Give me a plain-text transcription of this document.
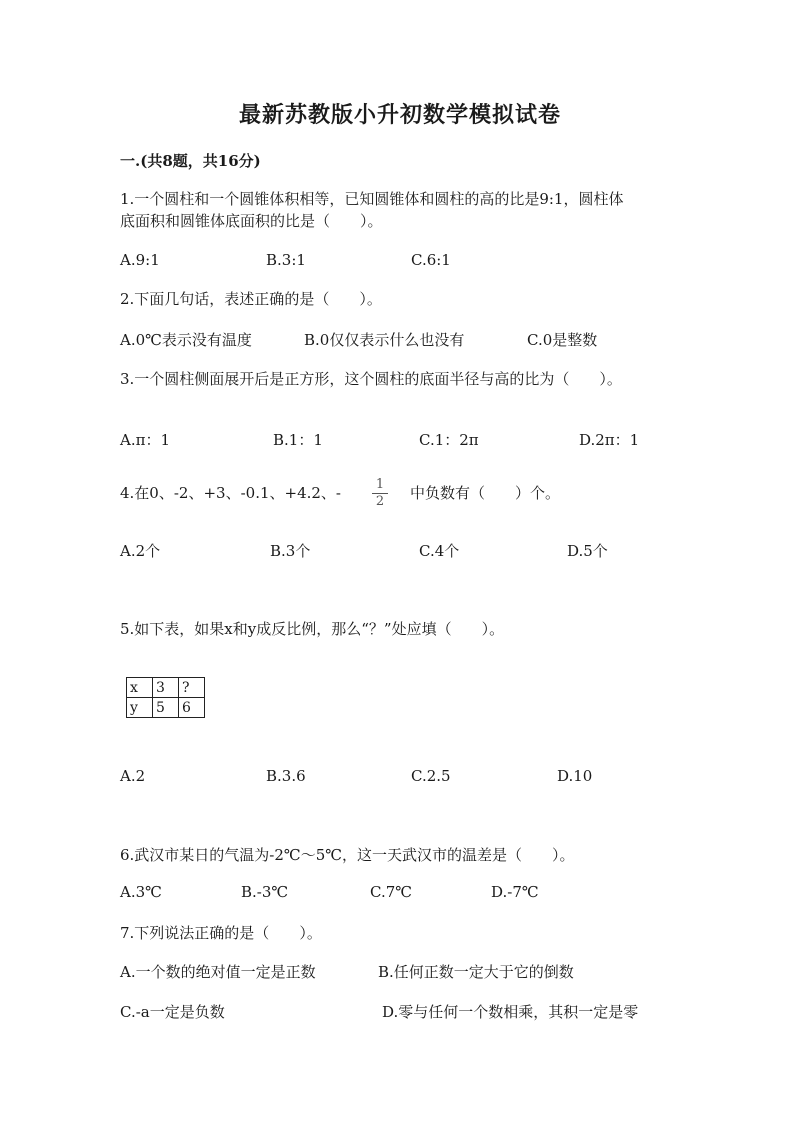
最新苏教版小升初数学模拟试卷
一.(共8题，共16分)
1.一个圆柱和一个圆锥体积相等，已知圆锥体和圆柱的高的比是9:1，圆柱体
底面积和圆锥体底面积的比是（　　）。
A.9:1	B.3:1	C.6:1
2.下面几句话，表述正确的是（　　）。
A.0℃表示没有温度	B.0仅仅表示什么也没有	C.0是整数
3.一个圆柱侧面展开后是正方形，这个圆柱的底面半径与高的比为（　　）。
A.π：1	B.1：1	C.1：2π	D.2π：1
4.在0、-2、+3、-0.1、+4.2、-	1
2	中负数有（　　）个。
A.2个	B.3个	C.4个	D.5个
5.如下表，如果x和y成反比例，那么“？”处应填（　　）。
x	3	?
y	5	6
A.2	B.3.6	C.2.5	D.10
6.武汉市某日的气温为-2℃～5℃，这一天武汉市的温差是（　　）。
A.3℃	B.-3℃	C.7℃	D.-7℃
7.下列说法正确的是（　　）。
A.一个数的绝对值一定是正数	B.任何正数一定大于它的倒数
C.-a一定是负数	D.零与任何一个数相乘，其积一定是零
